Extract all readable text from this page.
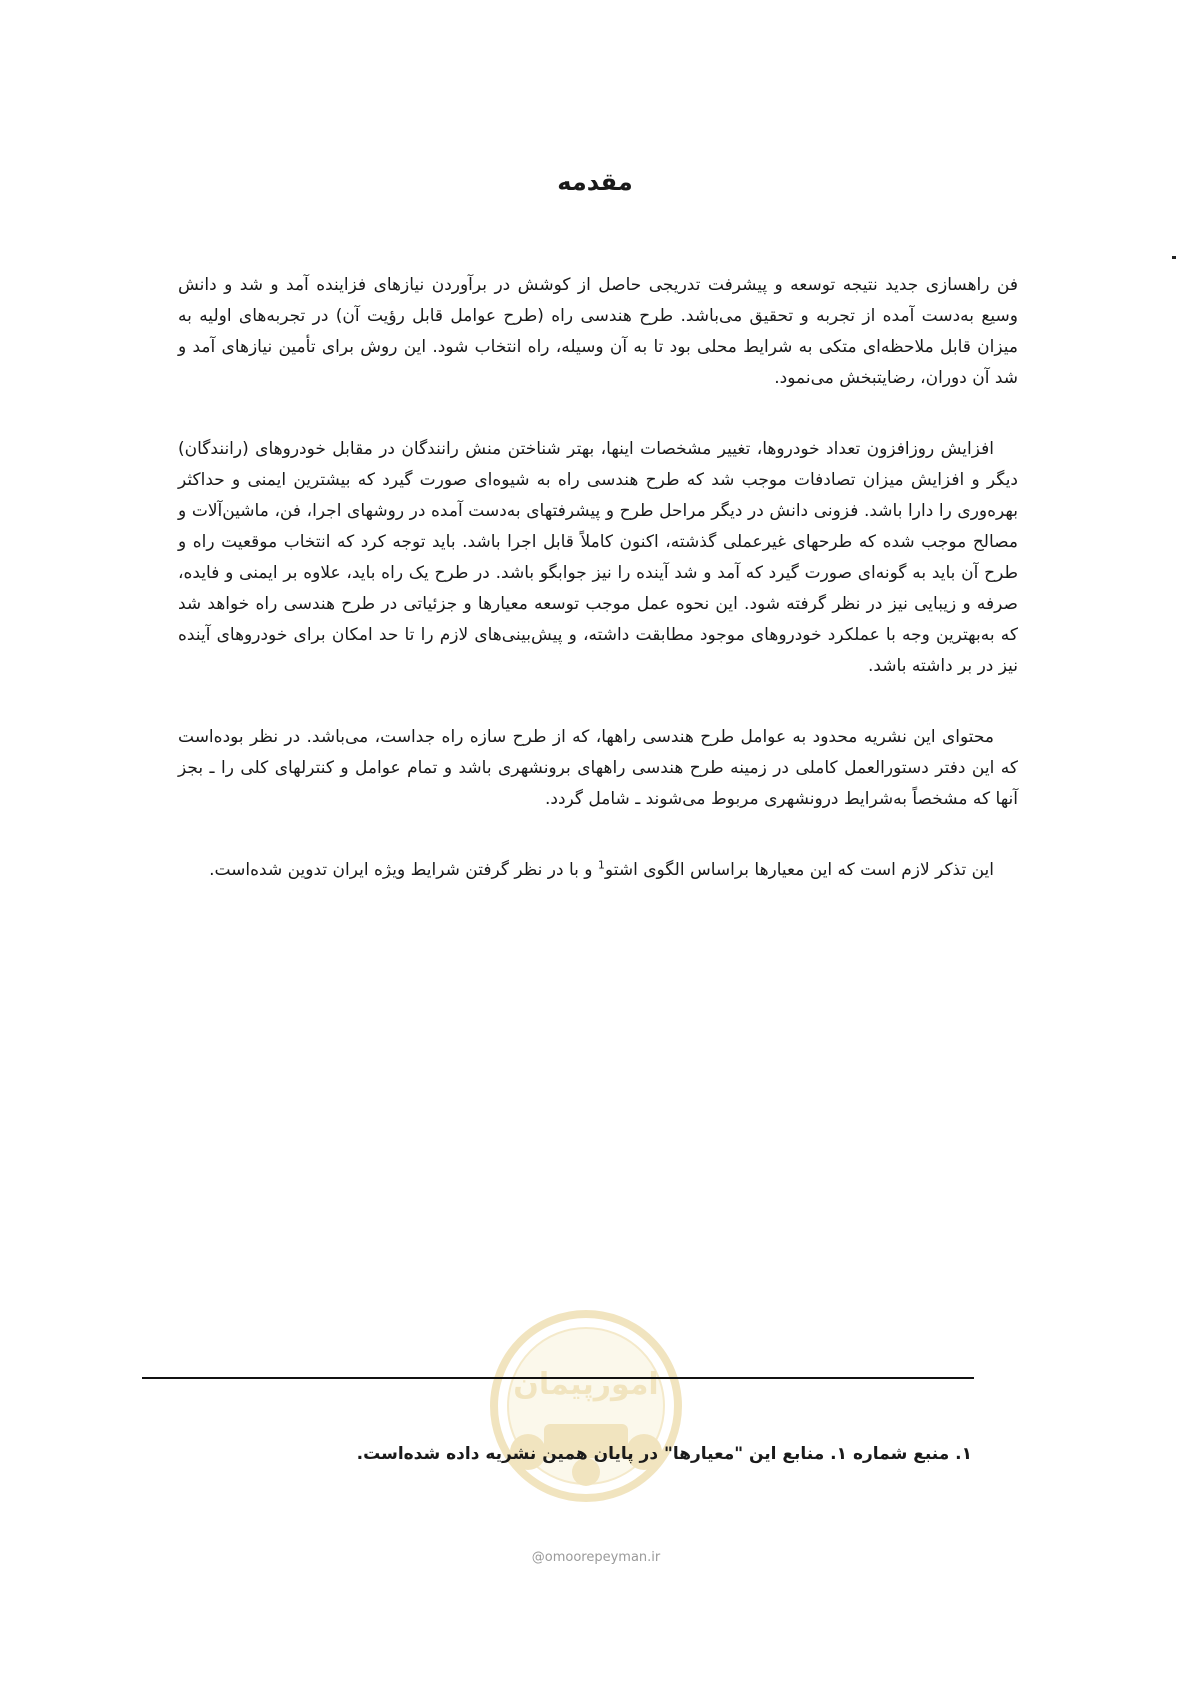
مقدمه

فن راهسازی جدید نتیجه توسعه و پیشرفت تدریجی حاصل از کوشش در برآوردن نیازهای فزاینده آمد و شد و دانش وسیع به‌دست آمده از تجربه و تحقیق می‌باشد. طرح هندسی راه (طرح عوامل قابل رؤیت آن) در تجربه‌های اولیه به میزان قابل ملاحظه‌ای متکی به شرایط محلی بود تا به آن وسیله، راه انتخاب شود. این روش برای تأمین نیازهای آمد و شد آن دوران، رضایتبخش می‌نمود.

افزایش روزافزون تعداد خودروها، تغییر مشخصات اینها، بهتر شناختن منش رانندگان در مقابل خودروهای (رانندگان) دیگر و افزایش میزان تصادفات موجب شد که طرح هندسی راه به شیوه‌ای صورت گیرد که بیشترین ایمنی و حداکثر بهره‌وری را دارا باشد. فزونی دانش در دیگر مراحل طرح و پیشرفتهای به‌دست آمده در روشهای اجرا، فن، ماشین‌آلات و مصالح موجب شده که طرحهای غیرعملی گذشته، اکنون کاملاً قابل اجرا باشد. باید توجه کرد که انتخاب موقعیت راه و طرح آن باید به گونه‌ای صورت گیرد که آمد و شد آینده را نیز جوابگو باشد. در طرح یک راه باید، علاوه بر ایمنی و فایده، صرفه و زیبایی نیز در نظر گرفته شود. این نحوه عمل موجب توسعه معیارها و جزئیاتی در طرح هندسی راه خواهد شد که به‌بهترین وجه با عملکرد خودروهای موجود مطابقت داشته، و پیش‌بینی‌های لازم را تا حد امکان برای خودروهای آینده نیز در بر داشته باشد.

محتوای این نشریه محدود به عوامل طرح هندسی راهها، که از طرح سازه راه جداست، می‌باشد. در نظر بوده‌است که این دفتر دستورالعمل کاملی در زمینه طرح هندسی راههای برونشهری باشد و تمام عوامل و کنترلهای کلی را ـ بجز آنها که مشخصاً به‌شرایط درونشهری مربوط می‌شوند ـ شامل گردد.

این تذکر لازم است که این معیارها براساس الگوی اشتو$^1$ و با در نظر گرفتن شرایط ویژه ایران تدوین شده‌است.

امورپیمان
۱. منبع شماره ۱. منابع این "معیارها" در پایان همین نشریه داده شده‌است.
@omoorepeyman.ir
